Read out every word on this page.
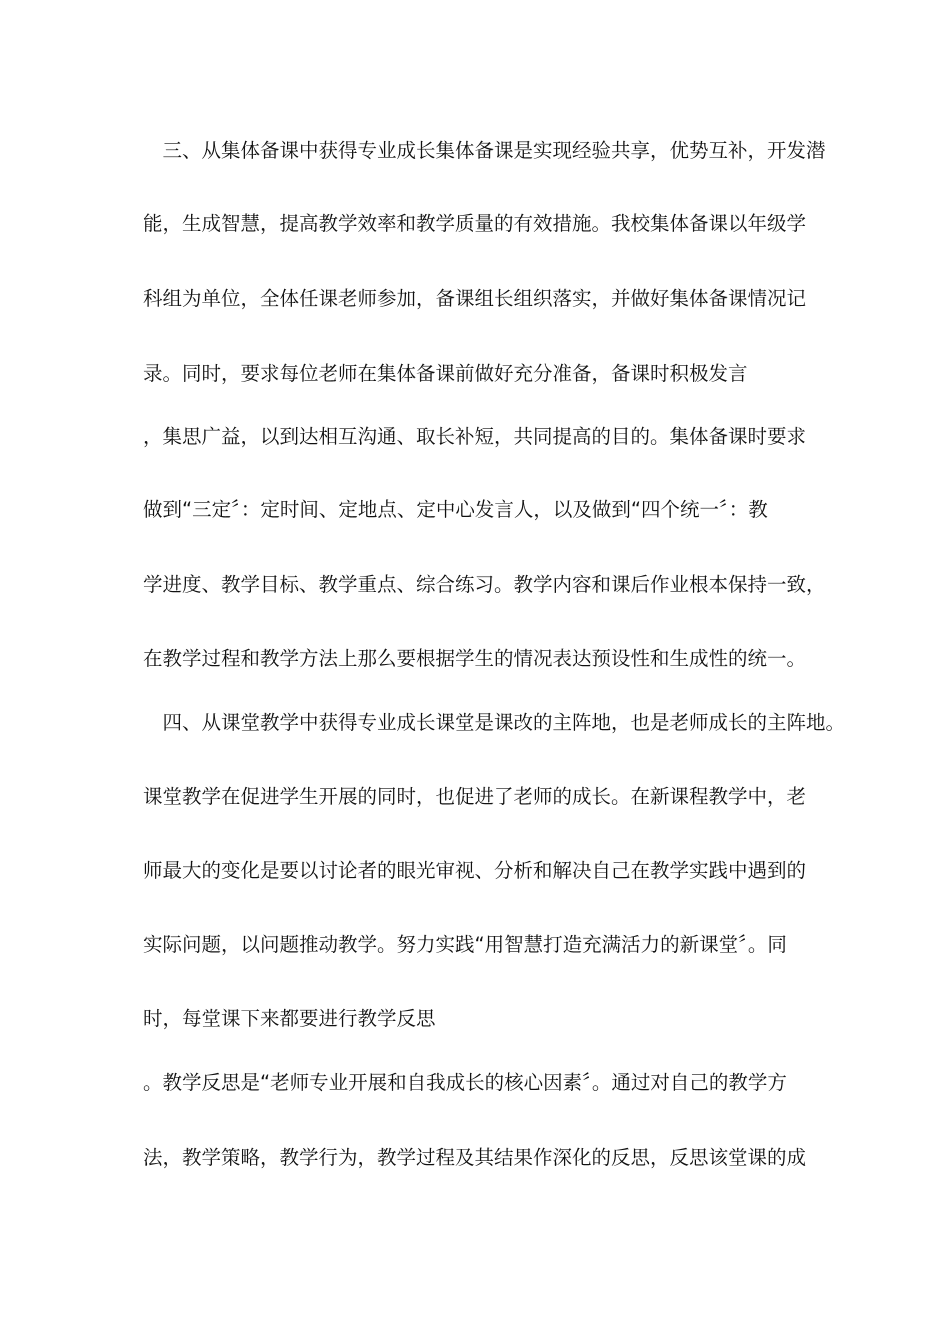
　三、从集体备课中获得专业成长集体备课是实现经验共享，优势互补，开发潜
能，生成智慧，提高教学效率和教学质量的有效措施。我校集体备课以年级学
科组为单位，全体任课老师参加，备课组长组织落实，并做好集体备课情况记
录。同时，要求每位老师在集体备课前做好充分准备，备课时积极发言
，集思广益，以到达相互沟通、取长补短，共同提高的目的。集体备课时要求
做到“三定〞：定时间、定地点、定中心发言人，以及做到“四个统一〞：教
学进度、教学目标、教学重点、综合练习。教学内容和课后作业根本保持一致，
在教学过程和教学方法上那么要根据学生的情况表达预设性和生成性的统一。
　四、从课堂教学中获得专业成长课堂是课改的主阵地，也是老师成长的主阵地。
课堂教学在促进学生开展的同时，也促进了老师的成长。在新课程教学中，老
师最大的变化是要以讨论者的眼光审视、分析和解决自己在教学实践中遇到的
实际问题，以问题推动教学。努力实践“用智慧打造充满活力的新课堂〞。同
时，每堂课下来都要进行教学反思
。教学反思是“老师专业开展和自我成长的核心因素〞。通过对自己的教学方
法，教学策略，教学行为，教学过程及其结果作深化的反思，反思该堂课的成
